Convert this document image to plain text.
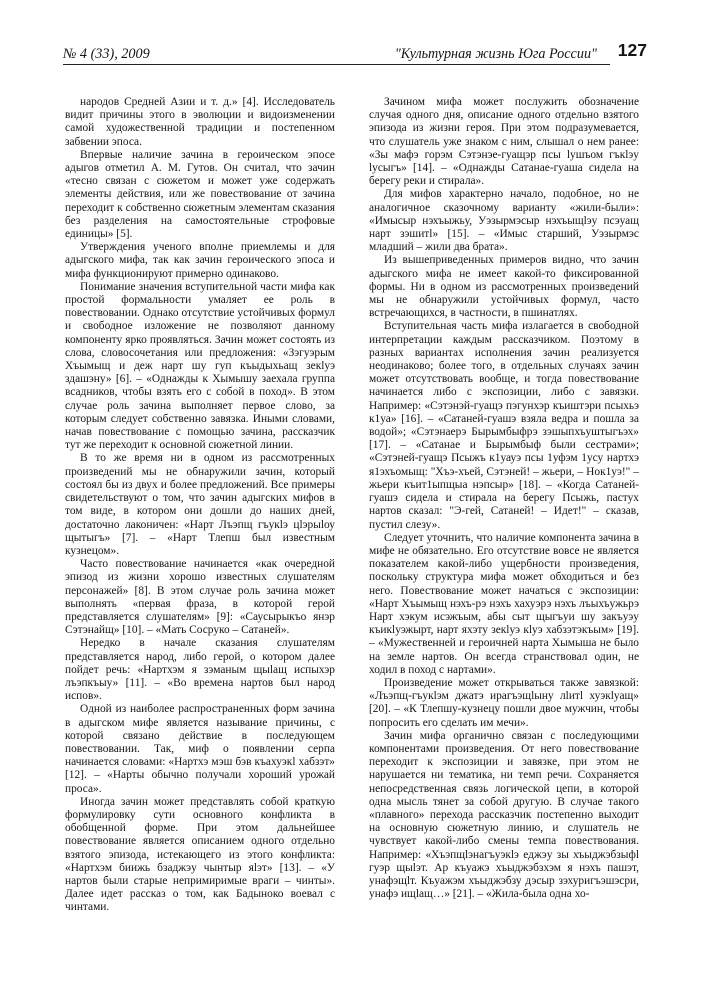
№ 4 (33), 2009	"Культурная жизнь Юга России" 127

народов Средней Азии и т. д.» [4]. Исследователь видит причины этого в эволюции и видоизменении самой художественной традиции и постепенном забвении эпоса.

Впервые наличие зачина в героическом эпосе адыгов отметил А. М. Гутов. Он считал, что зачин «тесно связан с сюжетом и может уже содержать элементы действия, или же повествование от зачина переходит к собственно сюжетным элементам сказания без разделения на самостоятельные строфовые единицы» [5].

Утверждения ученого вполне приемлемы и для адыгского мифа, так как зачин героического эпоса и мифа функционируют примерно одинаково.

Понимание значения вступительной части мифа как простой формальности умаляет ее роль в повествовании. Однако отсутствие устойчивых формул и свободное изложение не позволяют данному компоненту ярко проявляться. Зачин может состоять из слова, словосочетания или предложения: «Зэгуэрым Хъымыщ и деж нарт шу гуп къыдыхьащ зекlуэ здашэну» [6]. – «Однажды к Хымышу заехала группа всадников, чтобы взять его с собой в поход». В этом случае роль зачина выполняет первое слово, за которым следует собственно завязка. Иными словами, начав повествование с помощью зачина, рассказчик тут же переходит к основной сюжетной линии.

В то же время ни в одном из рассмотренных произведений мы не обнаружили зачин, который состоял бы из двух и более предложений. Все примеры свидетельствуют о том, что зачин адыгских мифов в том виде, в котором они дошли до наших дней, достаточно лаконичен: «Нарт Лъэпщ гъукlэ цlэрыlоу щытыгъ» [7]. – «Нарт Тлепш был известным кузнецом».

Часто повествование начинается «как очередной эпизод из жизни хорошо известных слушателям персонажей» [8]. В этом случае роль зачина может выполнять «первая фраза, в которой герой представляется слушателям» [9]: «Саусырыкъо янэр Сэтэнайщ» [10]. – «Мать Сосруко – Сатаней».

Нередко в начале сказания слушателям представляется народ, либо герой, о котором далее пойдет речь: «Нартхэм я зэманым щыlащ испыхэр лъэпкъыу» [11]. – «Во времена нартов был народ испов».

Одной из наиболее распространенных форм зачина в адыгском мифе является называние причины, с которой связано действие в последующем повествовании. Так, миф о появлении серпа начинается словами: «Нартхэ мэш бэв къахуэкl хабзэт» [12]. – «Нарты обычно получали хороший урожай проса».

Иногда зачин может представлять собой краткую формулировку сути основного конфликта в обобщенной форме. При этом дальнейшее повествование является описанием одного отдельно взятого эпизода, истекающего из этого конфликта: «Нартхэм биижь бзаджэу чынтыр яlэт» [13]. – «У нартов были старые непримиримые враги – чинты». Далее идет рассказ о том, как Бадыноко воевал с чинтами.

Зачином мифа может послужить обозначение случая одного дня, описание одного отдельно взятого эпизода из жизни героя. При этом подразумевается, что слушатель уже знаком с ним, слышал о нем ранее: «Зы мафэ горэм Сэтэнэе-гуащэр псы lушъом гъкlэу lусыгъ» [14]. – «Однажды Сатанае-гуаша сидела на берегу реки и стирала».

Для мифов характерно начало, подобное, но не аналогичное сказочному варианту «жили-были»: «Имысыр нэхъыжьу, Уэзырмэсыр нэхъыщlэу псэуащ нарт зэшитl» [15]. – «Имыс старший, Уэзырмэс младший – жили два брата».

Из вышеприведенных примеров видно, что зачин адыгского мифа не имеет какой-то фиксированной формы. Ни в одном из рассмотренных произведений мы не обнаружили устойчивых формул, часто встречающихся, в частности, в пшинатлях.

Вступительная часть мифа излагается в свободной интерпретации каждым рассказчиком. Поэтому в разных вариантах исполнения зачин реализуется неодинаково; более того, в отдельных случаях зачин может отсутствовать вообще, и тогда повествование начинается либо с экспозиции, либо с завязки. Например: «Сэтэнэй-гуащэ пэгунхэр къиштэри псыхьэ к1уа» [16]. – «Сатаней-гуашэ взяла ведра и пошла за водой»; «Сэтэнаерэ Бырымбыфрэ зэшыпхъуштыгъэх» [17]. – «Сатанае и Бырымбыф были сестрами»; «Сэтэней-гуащэ Псыжъ к1уауэ псы 1уфэм 1усу нартхэ я1эхъомыщ: "Хъэ-хъей, Сэтэней! – жьери, – Нок1уэ!" – жьери къит1ыпщыа нэпсыр» [18]. – «Когда Сатаней-гуашэ сидела и стирала на берегу Псыжь, пастух нартов сказал: "Э-гей, Сатаней! – Идет!" – сказав, пустил слезу».

Следует уточнить, что наличие компонента зачина в мифе не обязательно. Его отсутствие вовсе не является показателем какой-либо ущербности произведения, поскольку структура мифа может обходиться и без него. Повествование может начаться с экспозиции: «Нарт Хъымыщ нэхъ-рэ нэхъ хахуэрэ нэхъ лъыхъужьрэ Нарт хэкум исэжъым, абы сыт щыгъуи шу закъуэу къикlуэжырт, нарт яхэту зекlуэ кlуэ хабзэтэкъым» [19]. – «Мужественней и героичней нарта Хымыша не было на земле нартов. Он всегда странствовал один, не ходил в поход с нартами».

Произведение может открываться также завязкой: «Лъэпщ-гъукlэм джатэ ирагъэщlыну лlитl хуэкlуащ» [20]. – «К Тлепшу-кузнецу пошли двое мужчин, чтобы попросить его сделать им мечи».

Зачин мифа органично связан с последующими компонентами произведения. От него повествование переходит к экспозиции и завязке, при этом не нарушается ни тематика, ни темп речи. Сохраняется непосредственная связь логической цепи, в которой одна мысль тянет за собой другую. В случае такого «плавного» перехода рассказчик постепенно выходит на основную сюжетную линию, и слушатель не чувствует какой-либо смены темпа повествования. Например: «Хъэпщlэнагъуэкlэ еджэу зы хъыджэбзыфl гуэр щыlэт. Ар къуажэ хъыджэбзхэм я нэхъ пашэт, унафэщlт. Къуажэм хъыджэбзу дэсыр зэхуригъэшэсри, унафэ ищlащ…» [21]. – «Жила-была одна хо-
